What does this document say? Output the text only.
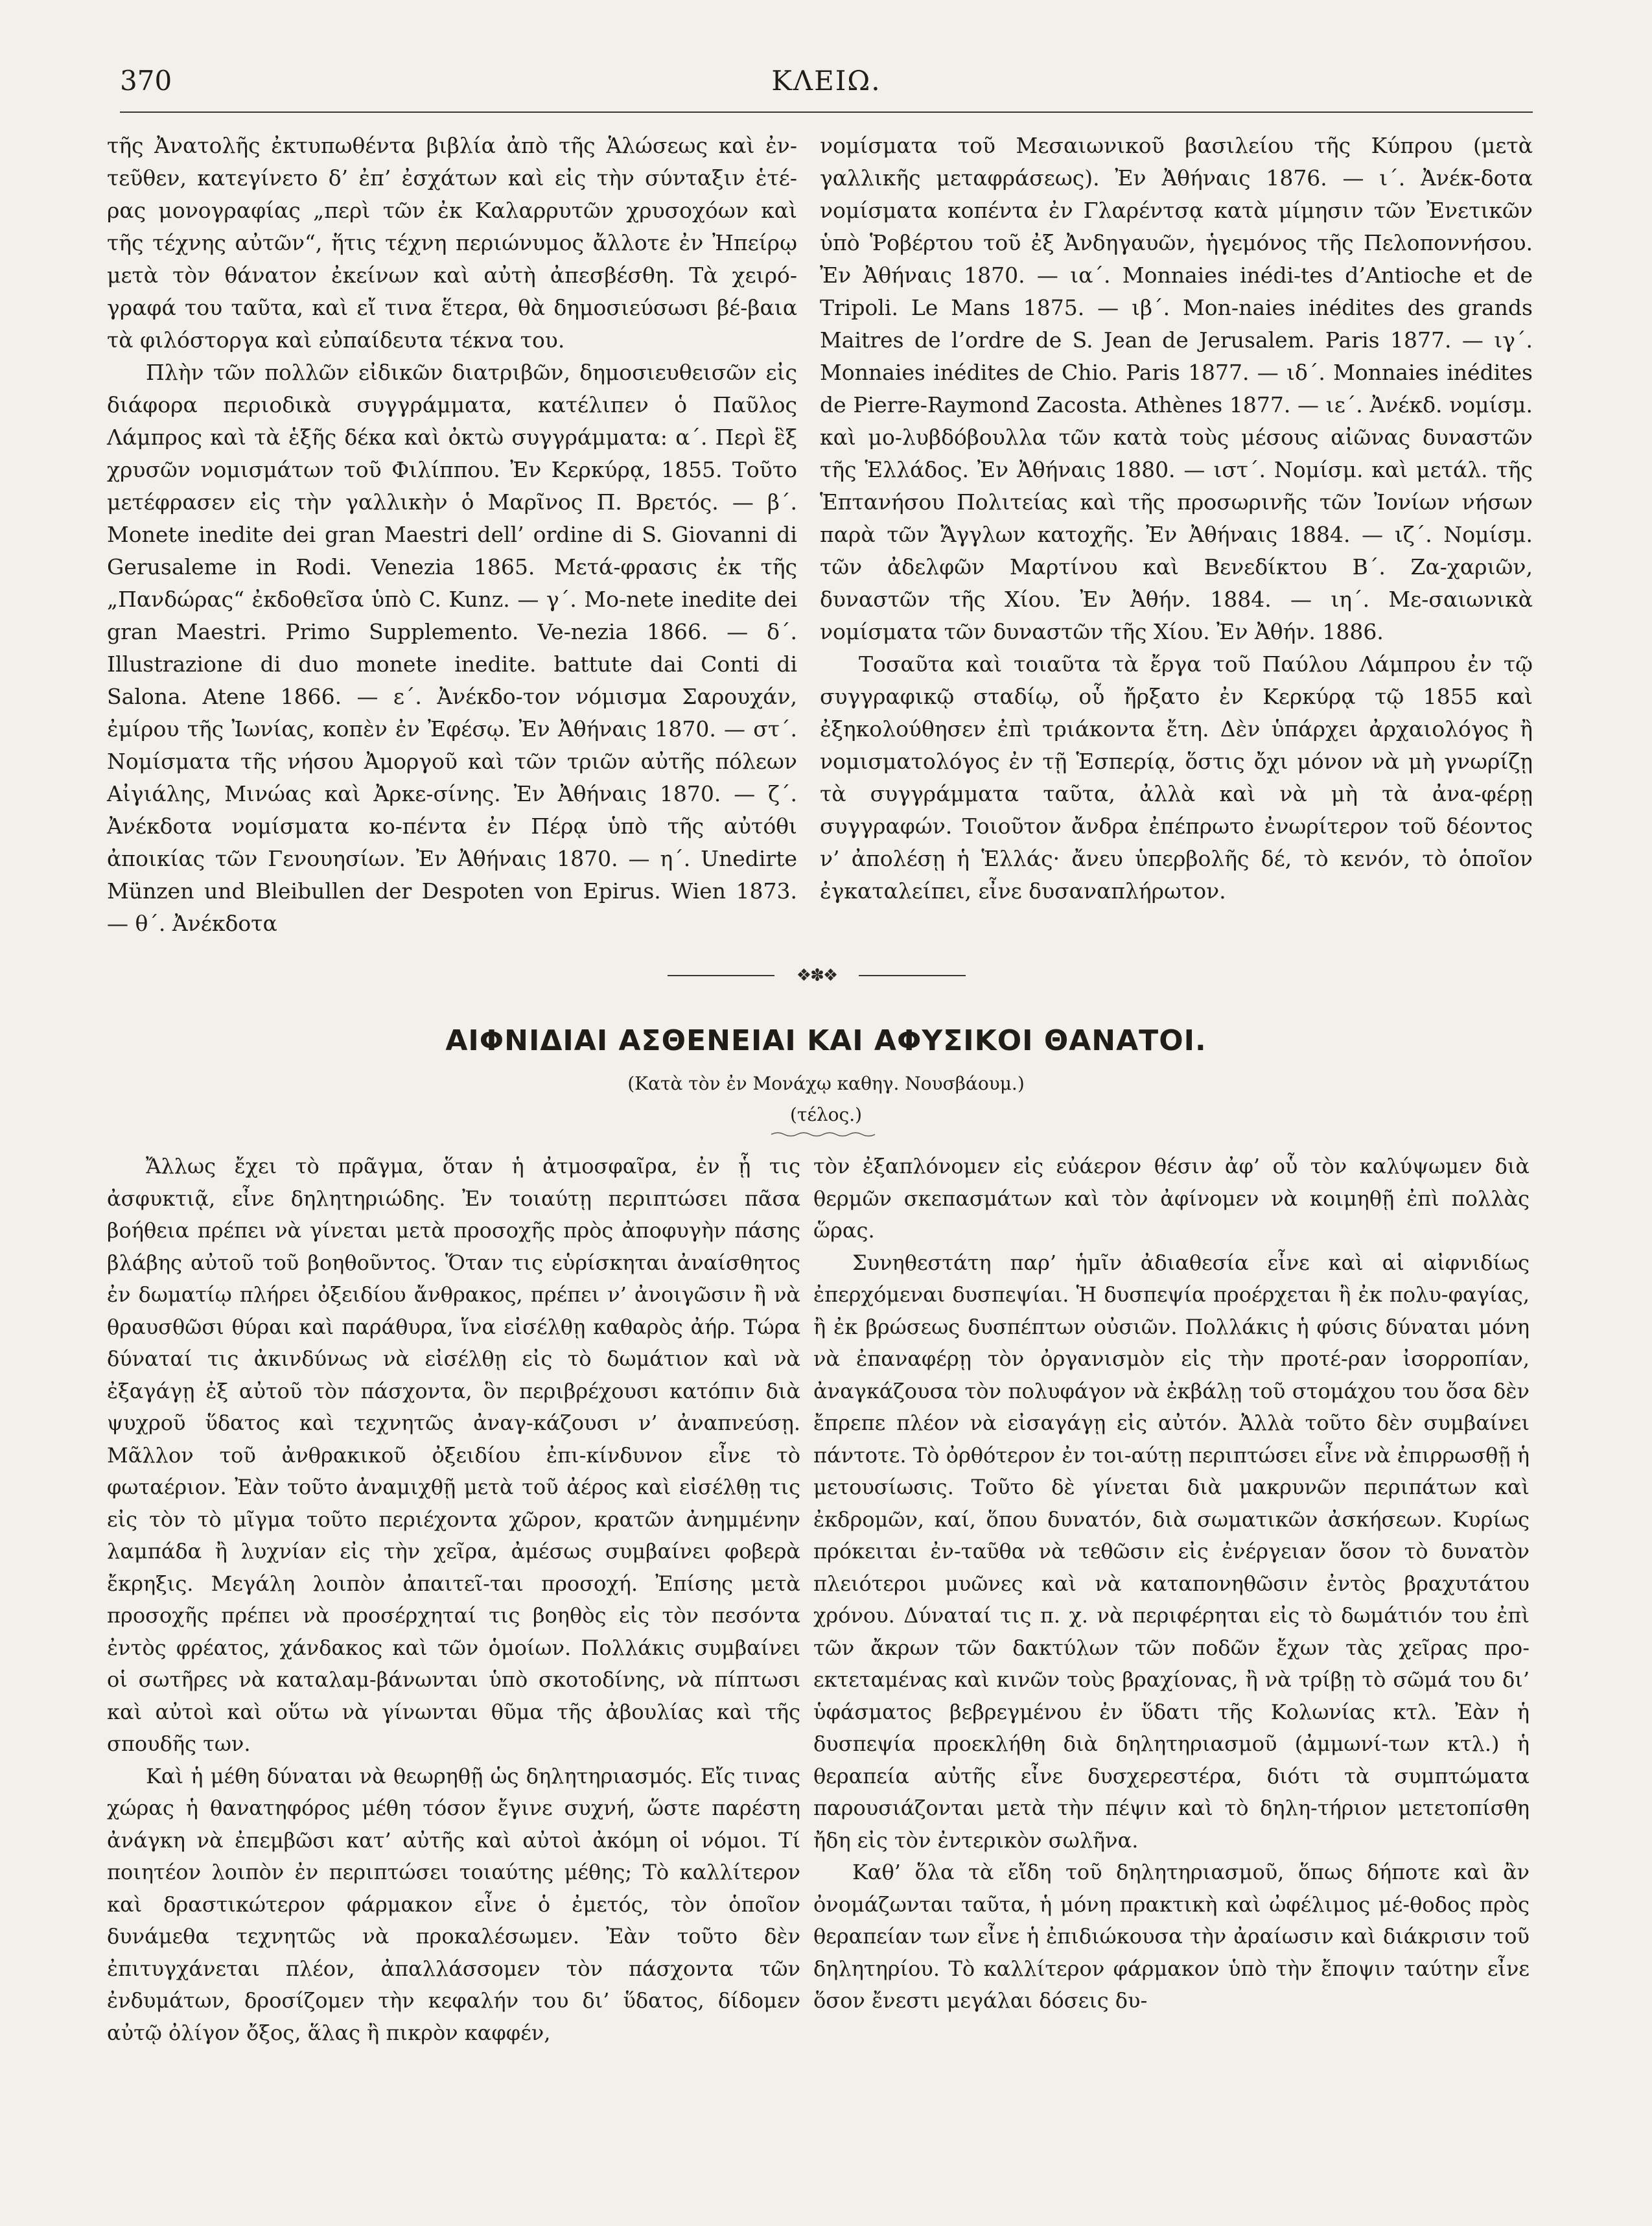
370	ΚΛΕΙΩ.

τῆς Ἀνατολῆς ἐκτυπωθέντα βιβλία ἀπὸ τῆς Ἁλώσεως καὶ ἐν-τεῦθεν, κατεγίνετο δ’ ἐπ’ ἐσχάτων καὶ εἰς τὴν σύνταξιν ἑτέ-ρας μονογραφίας „περὶ τῶν ἐκ Καλαρρυτῶν χρυσοχόων καὶ τῆς τέχνης αὐτῶν“, ἥτις τέχνη περιώνυμος ἄλλοτε ἐν Ἠπείρῳ μετὰ τὸν θάνατον ἐκείνων καὶ αὐτὴ ἀπεσβέσθη. Τὰ χειρό-γραφά του ταῦτα, καὶ εἴ τινα ἕτερα, θὰ δημοσιεύσωσι βέ-βαια τὰ φιλόστοργα καὶ εὐπαίδευτα τέκνα του.

Πλὴν τῶν πολλῶν εἰδικῶν διατριβῶν, δημοσιευθεισῶν εἰς διάφορα περιοδικὰ συγγράμματα, κατέλιπεν ὁ Παῦλος Λάμπρος καὶ τὰ ἑξῆς δέκα καὶ ὀκτὼ συγγράμματα: α΄. Περὶ ἓξ χρυσῶν νομισμάτων τοῦ Φιλίππου. Ἐν Κερκύρᾳ, 1855. Τοῦτο μετέφρασεν εἰς τὴν γαλλικὴν ὁ Μαρῖνος Π. Βρετός. — β΄. Monete inedite dei gran Maestri dell’ ordine di S. Giovanni di Gerusaleme in Rodi. Venezia 1865. Μετά-φρασις ἐκ τῆς „Πανδώρας“ ἐκδοθεῖσα ὑπὸ C. Kunz. — γ΄. Mo-nete inedite dei gran Maestri. Primo Supplemento. Ve-nezia 1866. — δ΄. Illustrazione di duo monete inedite. battute dai Conti di Salona. Atene 1866. — ε΄. Ἀνέκδο-τον νόμισμα Σαρουχάν, ἐμίρου τῆς Ἰωνίας, κοπὲν ἐν Ἐφέσῳ. Ἐν Ἀθήναις 1870. — στ΄. Νομίσματα τῆς νήσου Ἀμοργοῦ καὶ τῶν τριῶν αὐτῆς πόλεων Αἰγιάλης, Μινώας καὶ Ἀρκε-σίνης. Ἐν Ἀθήναις 1870. — ζ΄. Ἀνέκδοτα νομίσματα κο-πέντα ἐν Πέρᾳ ὑπὸ τῆς αὐτόθι ἀποικίας τῶν Γενουησίων. Ἐν Ἀθήναις 1870. — η΄. Unedirte Münzen und Bleibullen der Despoten von Epirus. Wien 1873. — θ΄. Ἀνέκδοτα

νομίσματα τοῦ Μεσαιωνικοῦ βασιλείου τῆς Κύπρου (μετὰ γαλλικῆς μεταφράσεως). Ἐν Ἀθήναις 1876. — ι΄. Ἀνέκ-δοτα νομίσματα κοπέντα ἐν Γλαρέντσᾳ κατὰ μίμησιν τῶν Ἐνετικῶν ὑπὸ Ῥοβέρτου τοῦ ἐξ Ἀνδηγαυῶν, ἡγεμόνος τῆς Πελοποννήσου. Ἐν Ἀθήναις 1870. — ια΄. Monnaies inédi-tes d’Antioche et de Tripoli. Le Mans 1875. — ιβ΄. Mon-naies inédites des grands Maitres de l’ordre de S. Jean de Jerusalem. Paris 1877. — ιγ΄. Monnaies inédites de Chio. Paris 1877. — ιδ΄. Monnaies inédites de Pierre-Raymond Zacosta. Athènes 1877. — ιε΄. Ἀνέκδ. νομίσμ. καὶ μο-λυβδόβουλλα τῶν κατὰ τοὺς μέσους αἰῶνας δυναστῶν τῆς Ἑλλάδος. Ἐν Ἀθήναις 1880. — ιστ΄. Νομίσμ. καὶ μετάλ. τῆς Ἑπτανήσου Πολιτείας καὶ τῆς προσωρινῆς τῶν Ἰονίων νήσων παρὰ τῶν Ἄγγλων κατοχῆς. Ἐν Ἀθήναις 1884. — ιζ΄. Νομίσμ. τῶν ἀδελφῶν Μαρτίνου καὶ Βενεδίκτου Β΄. Ζα-χαριῶν, δυναστῶν τῆς Χίου. Ἐν Ἀθήν. 1884. — ιη΄. Με-σαιωνικὰ νομίσματα τῶν δυναστῶν τῆς Χίου. Ἐν Ἀθήν. 1886.

Τοσαῦτα καὶ τοιαῦτα τὰ ἔργα τοῦ Παύλου Λάμπρου ἐν τῷ συγγραφικῷ σταδίῳ, οὗ ἤρξατο ἐν Κερκύρᾳ τῷ 1855 καὶ ἐξηκολούθησεν ἐπὶ τριάκοντα ἔτη. Δὲν ὑπάρχει ἀρχαιολόγος ἢ νομισματολόγος ἐν τῇ Ἑσπερίᾳ, ὅστις ὄχι μόνον νὰ μὴ γνωρίζῃ τὰ συγγράμματα ταῦτα, ἀλλὰ καὶ νὰ μὴ τὰ ἀνα-φέρῃ συγγραφών. Τοιοῦτον ἄνδρα ἐπέπρωτο ἐνωρίτερον τοῦ δέοντος ν’ ἀπολέσῃ ἡ Ἑλλάς· ἄνευ ὑπερβολῆς δέ, τὸ κενόν, τὸ ὁποῖον ἐγκαταλείπει, εἶνε δυσαναπλήρωτον.

❖✽❖
ΑΙΦΝΙΔΙΑΙ ΑΣΘΕΝΕΙΑΙ ΚΑΙ ΑΦΥΣΙΚΟΙ ΘΑΝΑΤΟΙ.
(Κατὰ τὸν ἐν Μονάχῳ καθηγ. Νουσβάουμ.)
(τέλος.)

Ἄλλως ἔχει τὸ πρᾶγμα, ὅταν ἡ ἀτμοσφαῖρα, ἐν ᾗ τις ἀσφυκτιᾷ, εἶνε δηλητηριώδης. Ἐν τοιαύτῃ περιπτώσει πᾶσα βοήθεια πρέπει νὰ γίνεται μετὰ προσοχῆς πρὸς ἀποφυγὴν πάσης βλάβης αὐτοῦ τοῦ βοηθοῦντος. Ὅταν τις εὑρίσκηται ἀναίσθητος ἐν δωματίῳ πλήρει ὀξειδίου ἄνθρακος, πρέπει ν’ ἀνοιγῶσιν ἢ νὰ θραυσθῶσι θύραι καὶ παράθυρα, ἵνα εἰσέλθῃ καθαρὸς ἀήρ. Τώρα δύναταί τις ἀκινδύνως νὰ εἰσέλθῃ εἰς τὸ δωμάτιον καὶ νὰ ἐξαγάγῃ ἐξ αὐτοῦ τὸν πάσχοντα, ὃν περιβρέχουσι κατόπιν διὰ ψυχροῦ ὕδατος καὶ τεχνητῶς ἀναγ-κάζουσι ν’ ἀναπνεύσῃ. Μᾶλλον τοῦ ἀνθρακικοῦ ὀξειδίου ἐπι-κίνδυνον εἶνε τὸ φωταέριον. Ἐὰν τοῦτο ἀναμιχθῇ μετὰ τοῦ ἀέρος καὶ εἰσέλθῃ τις εἰς τὸν τὸ μῖγμα τοῦτο περιέχοντα χῶρον, κρατῶν ἀνημμένην λαμπάδα ἢ λυχνίαν εἰς τὴν χεῖρα, ἀμέσως συμβαίνει φοβερὰ ἔκρηξις. Μεγάλη λοιπὸν ἀπαιτεῖ-ται προσοχή. Ἐπίσης μετὰ προσοχῆς πρέπει νὰ προσέρχηταί τις βοηθὸς εἰς τὸν πεσόντα ἐντὸς φρέατος, χάνδακος καὶ τῶν ὁμοίων. Πολλάκις συμβαίνει οἱ σωτῆρες νὰ καταλαμ-βάνωνται ὑπὸ σκοτοδίνης, νὰ πίπτωσι καὶ αὐτοὶ καὶ οὕτω νὰ γίνωνται θῦμα τῆς ἀβουλίας καὶ τῆς σπουδῆς των.

Καὶ ἡ μέθη δύναται νὰ θεωρηθῇ ὡς δηλητηριασμός. Εἴς τινας χώρας ἡ θανατηφόρος μέθη τόσον ἔγινε συχνή, ὥστε παρέστη ἀνάγκη νὰ ἐπεμβῶσι κατ’ αὐτῆς καὶ αὐτοὶ ἀκόμη οἱ νόμοι. Τί ποιητέον λοιπὸν ἐν περιπτώσει τοιαύτης μέθης; Τὸ καλλίτερον καὶ δραστικώτερον φάρμακον εἶνε ὁ ἐμετός, τὸν ὁποῖον δυνάμεθα τεχνητῶς νὰ προκαλέσωμεν. Ἐὰν τοῦτο δὲν ἐπιτυγχάνεται πλέον, ἀπαλλάσσομεν τὸν πάσχοντα τῶν ἐνδυμάτων, δροσίζομεν τὴν κεφαλήν του δι’ ὕδατος, δίδομεν αὐτῷ ὀλίγον ὄξος, ἅλας ἢ πικρὸν καφφέν,

τὸν ἐξαπλόνομεν εἰς εὐάερον θέσιν ἀφ’ οὗ τὸν καλύψωμεν διὰ θερμῶν σκεπασμάτων καὶ τὸν ἀφίνομεν νὰ κοιμηθῇ ἐπὶ πολλὰς ὥρας.

Συνηθεστάτη παρ’ ἡμῖν ἀδιαθεσία εἶνε καὶ αἱ αἰφνιδίως ἐπερχόμεναι δυσπεψίαι. Ἡ δυσπεψία προέρχεται ἢ ἐκ πολυ-φαγίας, ἢ ἐκ βρώσεως δυσπέπτων οὐσιῶν. Πολλάκις ἡ φύσις δύναται μόνη νὰ ἐπαναφέρῃ τὸν ὀργανισμὸν εἰς τὴν προτέ-ραν ἰσορροπίαν, ἀναγκάζουσα τὸν πολυφάγον νὰ ἐκβάλῃ τοῦ στομάχου του ὅσα δὲν ἔπρεπε πλέον νὰ εἰσαγάγῃ εἰς αὐτόν. Ἀλλὰ τοῦτο δὲν συμβαίνει πάντοτε. Τὸ ὀρθότερον ἐν τοι-αύτῃ περιπτώσει εἶνε νὰ ἐπιρρωσθῇ ἡ μετουσίωσις. Τοῦτο δὲ γίνεται διὰ μακρυνῶν περιπάτων καὶ ἐκδρομῶν, καί, ὅπου δυνατόν, διὰ σωματικῶν ἀσκήσεων. Κυρίως πρόκειται ἐν-ταῦθα νὰ τεθῶσιν εἰς ἐνέργειαν ὅσον τὸ δυνατὸν πλειότεροι μυῶνες καὶ νὰ καταπονηθῶσιν ἐντὸς βραχυτάτου χρόνου. Δύναταί τις π. χ. νὰ περιφέρηται εἰς τὸ δωμάτιόν του ἐπὶ τῶν ἄκρων τῶν δακτύλων τῶν ποδῶν ἔχων τὰς χεῖρας προ-εκτεταμένας καὶ κινῶν τοὺς βραχίονας, ἢ νὰ τρίβῃ τὸ σῶμά του δι’ ὑφάσματος βεβρεγμένου ἐν ὕδατι τῆς Κολωνίας κτλ. Ἐὰν ἡ δυσπεψία προεκλήθη διὰ δηλητηριασμοῦ (ἀμμωνί-των κτλ.) ἡ θεραπεία αὐτῆς εἶνε δυσχερεστέρα, διότι τὰ συμπτώματα παρουσιάζονται μετὰ τὴν πέψιν καὶ τὸ δηλη-τήριον μετετοπίσθη ἤδη εἰς τὸν ἐντερικὸν σωλῆνα.

Καθ’ ὅλα τὰ εἴδη τοῦ δηλητηριασμοῦ, ὅπως δήποτε καὶ ἂν ὀνομάζωνται ταῦτα, ἡ μόνη πρακτικὴ καὶ ὠφέλιμος μέ-θοδος πρὸς θεραπείαν των εἶνε ἡ ἐπιδιώκουσα τὴν ἀραίωσιν καὶ διάκρισιν τοῦ δηλητηρίου. Τὸ καλλίτερον φάρμακον ὑπὸ τὴν ἔποψιν ταύτην εἶνε ὅσον ἔνεστι μεγάλαι δόσεις δυ-
